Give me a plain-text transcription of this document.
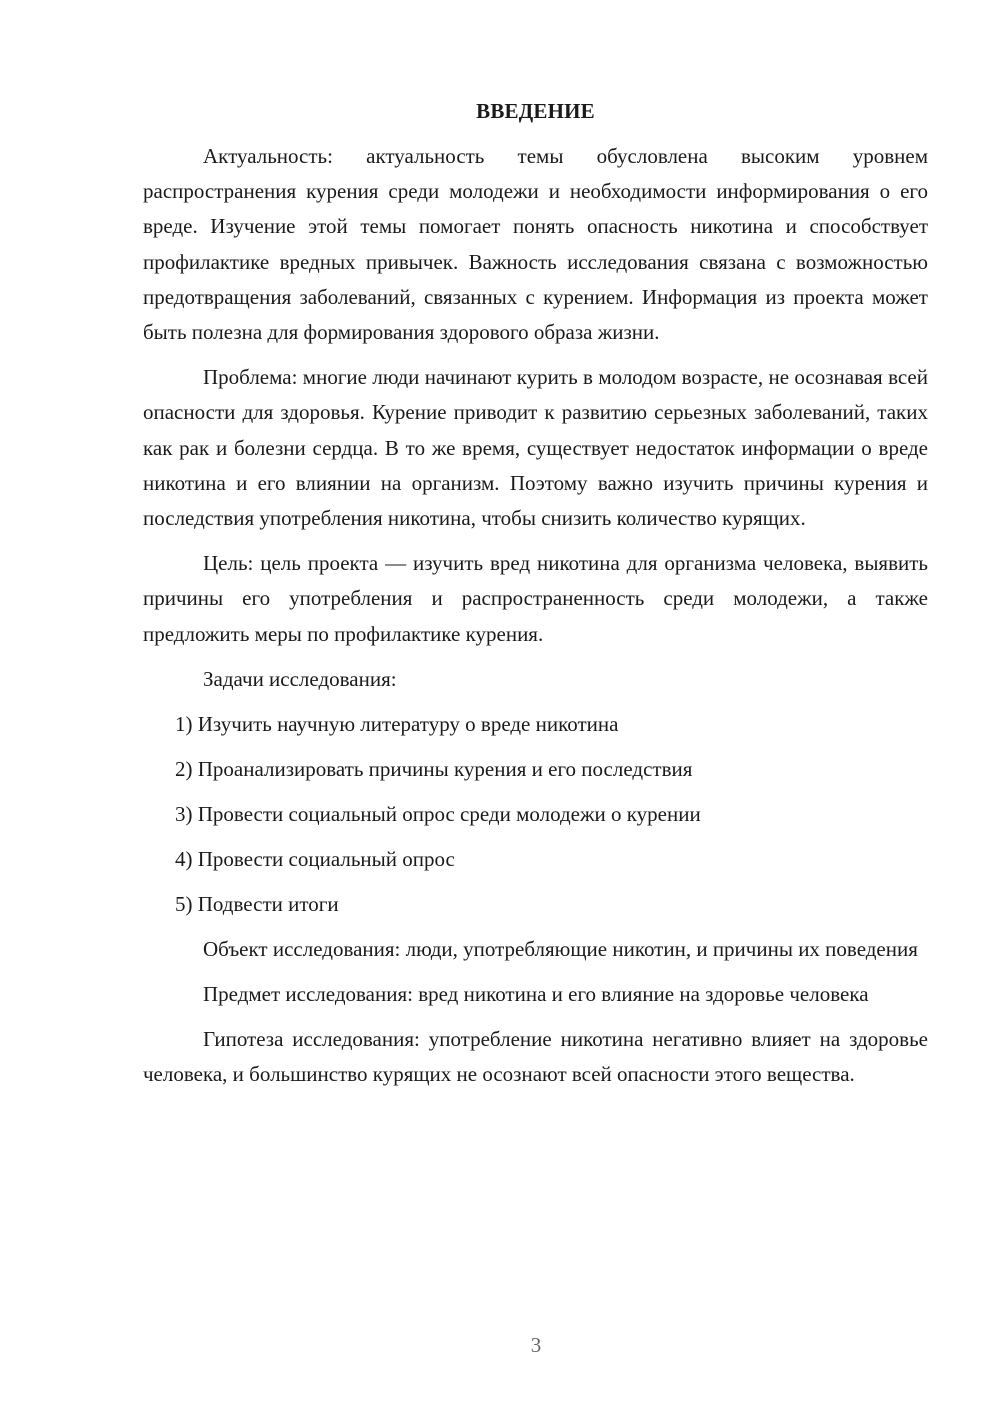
ВВЕДЕНИЕ

Актуальность: актуальность темы обусловлена высоким уровнем распространения курения среди молодежи и необходимости информирования о его вреде. Изучение этой темы помогает понять опасность никотина и способствует профилактике вредных привычек. Важность исследования связана с возможностью предотвращения заболеваний, связанных с курением. Информация из проекта может быть полезна для формирования здорового образа жизни.

Проблема: многие люди начинают курить в молодом возрасте, не осознавая всей опасности для здоровья. Курение приводит к развитию серьезных заболеваний, таких как рак и болезни сердца. В то же время, существует недостаток информации о вреде никотина и его влиянии на организм. Поэтому важно изучить причины курения и последствия употребления никотина, чтобы снизить количество курящих.

Цель: цель проекта — изучить вред никотина для организма человека, выявить причины его употребления и распространенность среди молодежи, а также предложить меры по профилактике курения.

Задачи исследования:
1) Изучить научную литературу о вреде никотина
2) Проанализировать причины курения и его последствия
3) Провести социальный опрос среди молодежи о курении
4) Провести социальный опрос
5) Подвести итоги

Объект исследования: люди, употребляющие никотин, и причины их поведения

Предмет исследования: вред никотина и его влияние на здоровье человека

Гипотеза исследования: употребление никотина негативно влияет на здоровье человека, и большинство курящих не осознают всей опасности этого вещества.

3
